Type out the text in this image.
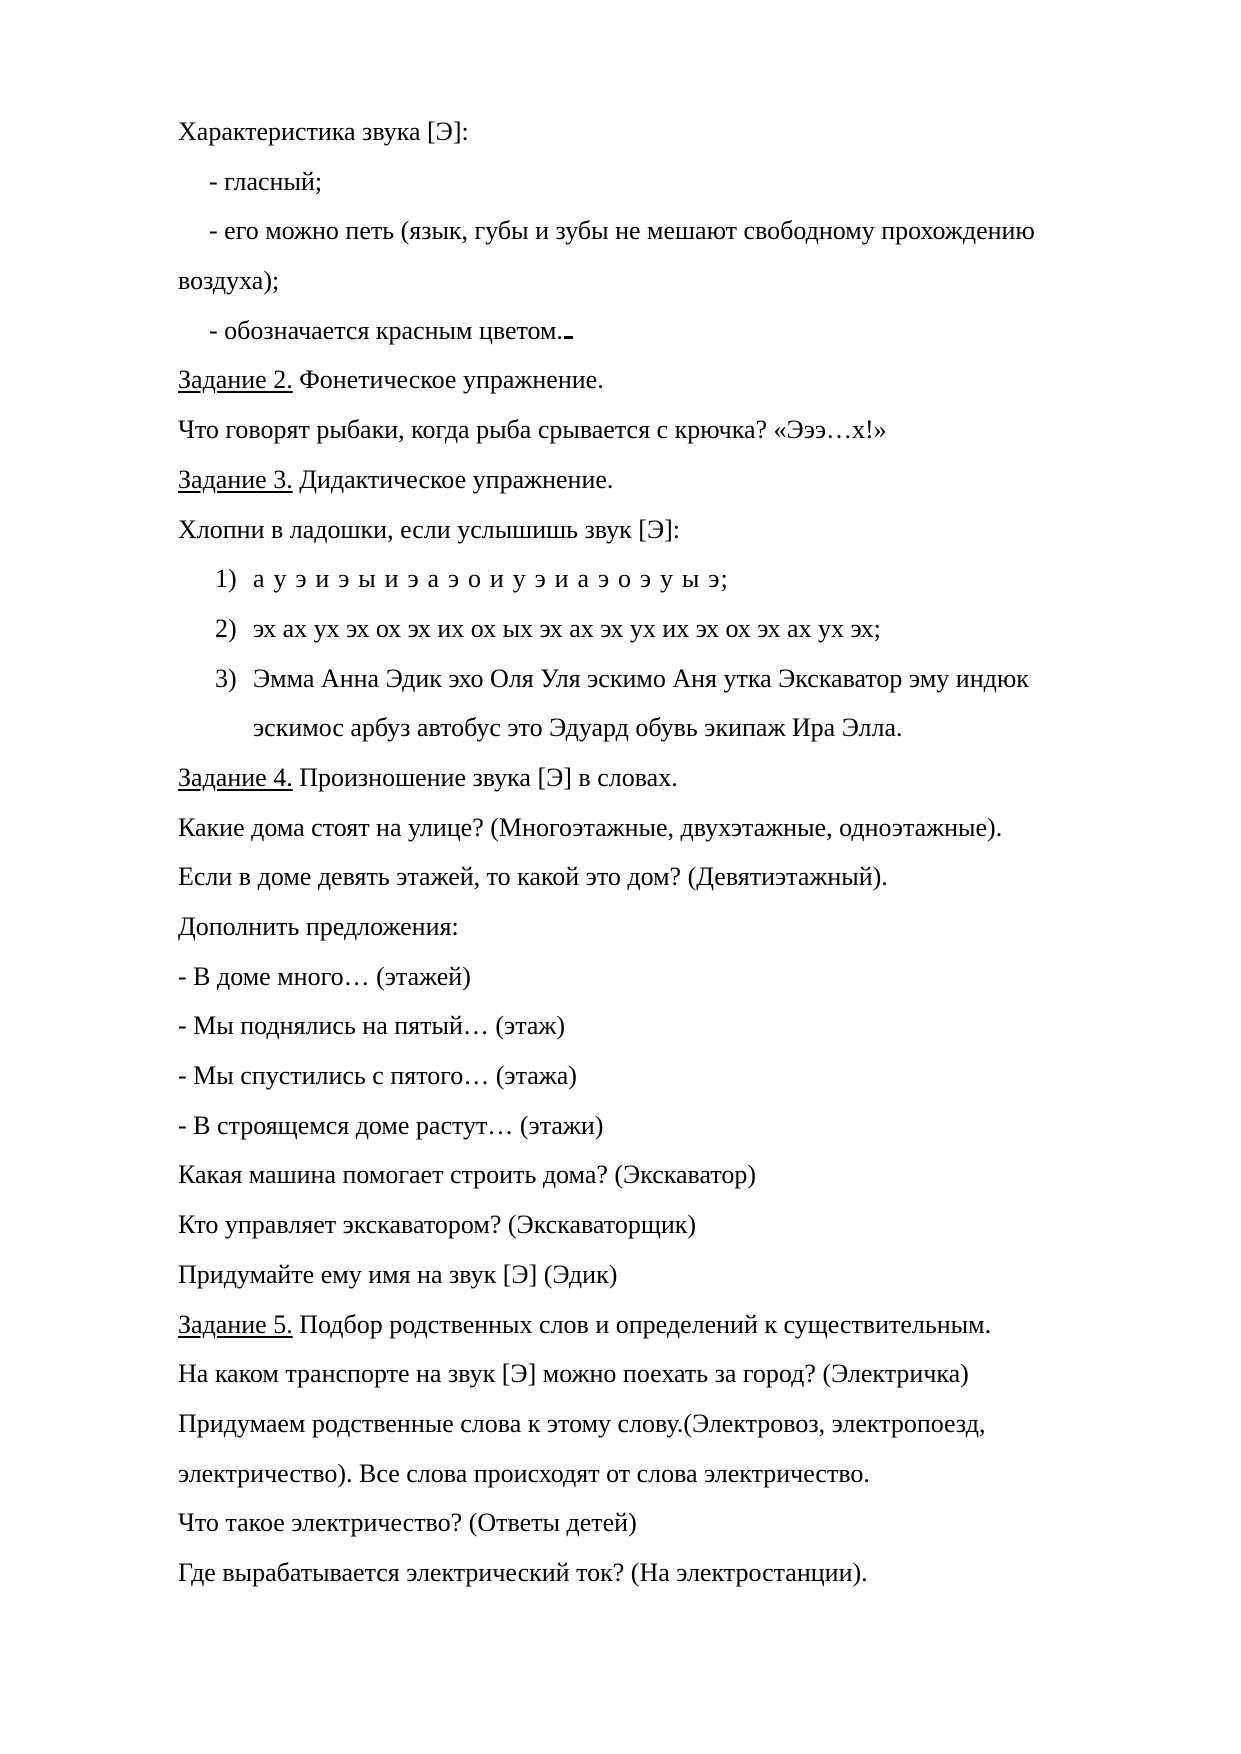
Характеристика звука [Э]:

- гласный;

- его можно петь (язык, губы и зубы не мешают свободному прохождению

воздуха);

- обозначается красным цветом.

Задание 2. Фонетическое упражнение.

Что говорят рыбаки, когда рыба срывается с крючка? «Эээ…х!»

Задание 3. Дидактическое упражнение.

Хлопни в ладошки, если услышишь звук [Э]:

1) а у э и э ы и э а э о и у э и а э о э у ы э;

2) эх ах ух эх ох эх их ох ых эх ах эх ух их эх ох эх ах ух эх;

3) Эмма Анна Эдик эхо Оля Уля эскимо Аня утка Экскаватор эму индюк

эскимос арбуз автобус это Эдуард обувь экипаж Ира Элла.

Задание 4. Произношение звука [Э] в словах.

Какие дома стоят на улице? (Многоэтажные, двухэтажные, одноэтажные).

Если в доме девять этажей, то какой это дом? (Девятиэтажный).

Дополнить предложения:

- В доме много… (этажей)

- Мы поднялись на пятый… (этаж)

- Мы спустились с пятого… (этажа)

- В строящемся доме растут… (этажи)

Какая машина помогает строить дома? (Экскаватор)

Кто управляет экскаватором? (Экскаваторщик)

Придумайте ему имя на звук [Э] (Эдик)

Задание 5. Подбор родственных слов и определений к существительным.

На каком транспорте на звук [Э] можно поехать за город? (Электричка)

Придумаем родственные слова к этому слову.(Электровоз, электропоезд,

электричество). Все слова происходят от слова электричество.

Что такое электричество? (Ответы детей)

Где вырабатывается электрический ток? (На электростанции).
